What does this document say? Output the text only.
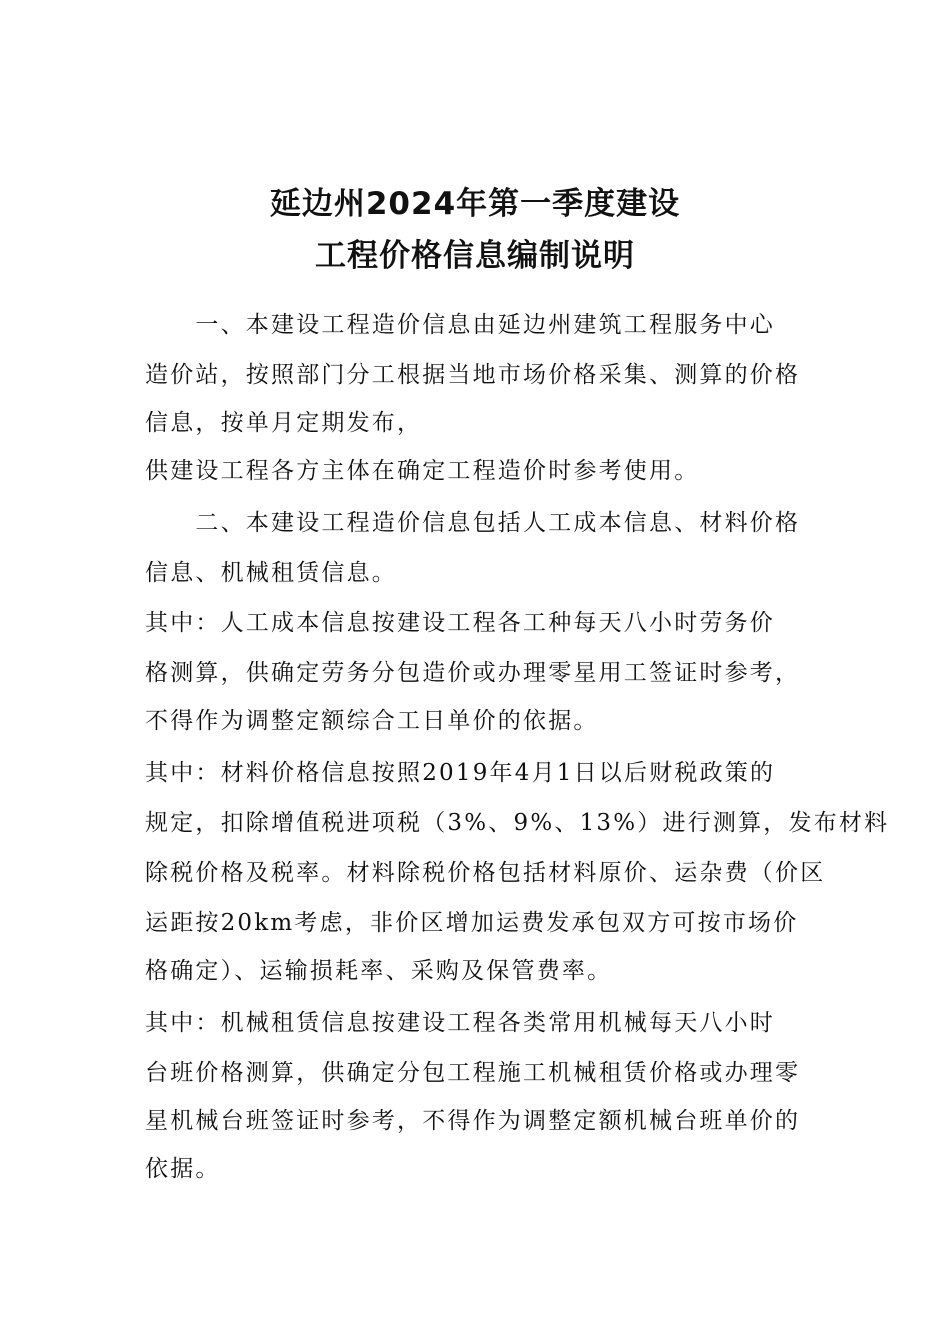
延边州2024年第一季度建设
工程价格信息编制说明

　　一、本建设工程造价信息由延边州建筑工程服务中心

造价站，按照部门分工根据当地市场价格采集、测算的价格

信息，按单月定期发布，

供建设工程各方主体在确定工程造价时参考使用。

　　二、本建设工程造价信息包括人工成本信息、材料价格

信息、机械租赁信息。

其中：人工成本信息按建设工程各工种每天八小时劳务价

格测算，供确定劳务分包造价或办理零星用工签证时参考，

不得作为调整定额综合工日单价的依据。

其中：材料价格信息按照2019年4月1日以后财税政策的

规定，扣除增值税进项税（3%、9%、13%）进行测算，发布材料

除税价格及税率。材料除税价格包括材料原价、运杂费（价区

运距按20km考虑，非价区增加运费发承包双方可按市场价

格确定）、运输损耗率、采购及保管费率。

其中：机械租赁信息按建设工程各类常用机械每天八小时

台班价格测算，供确定分包工程施工机械租赁价格或办理零

星机械台班签证时参考，不得作为调整定额机械台班单价的

依据。
